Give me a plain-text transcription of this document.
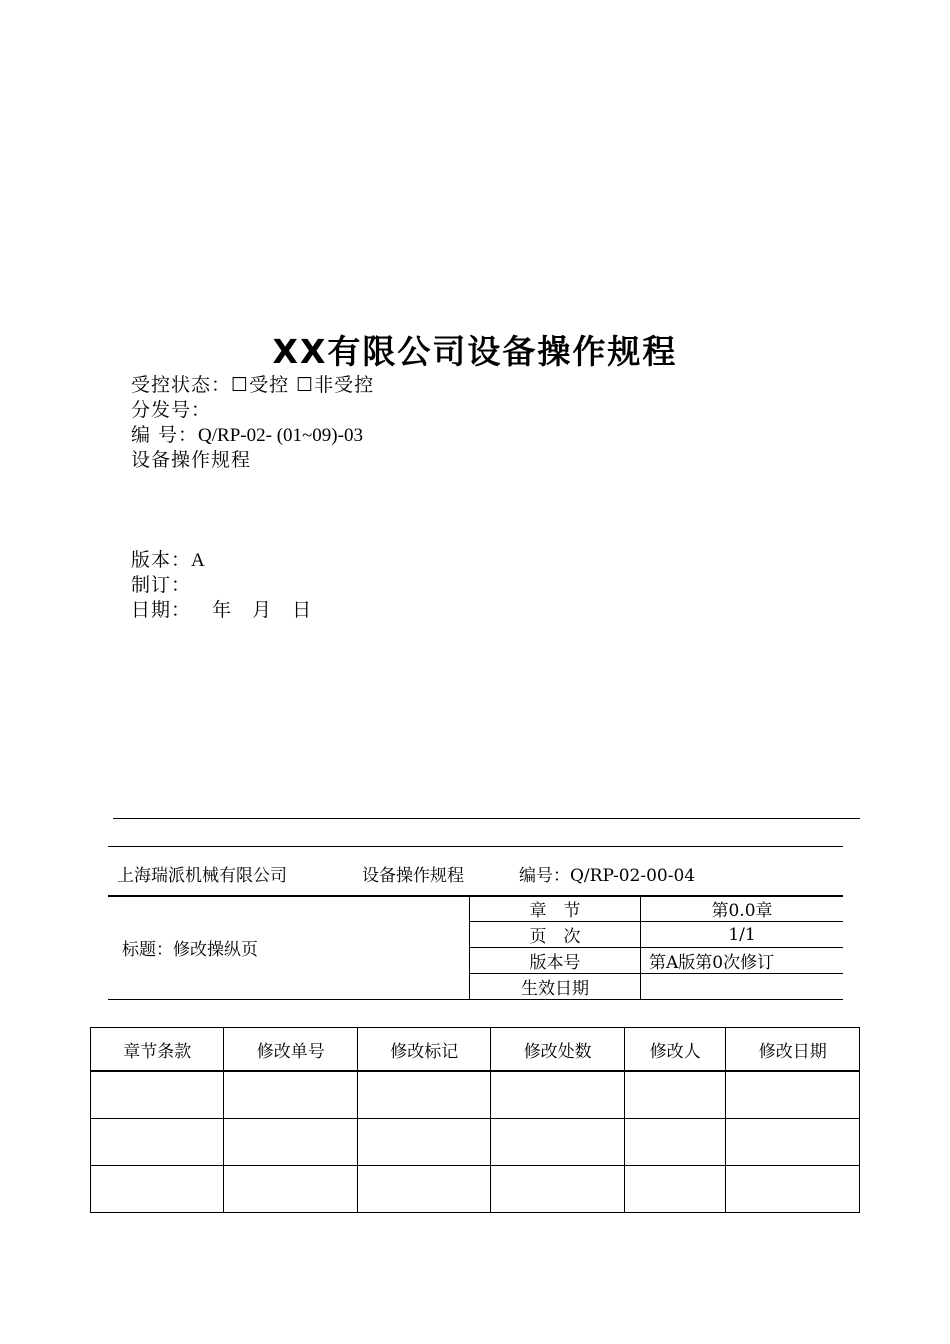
XX有限公司设备操作规程
受控状态：☐受控 ☐非受控
分发号：
编 号：Q/RP-02- (01~09)-03
设备操作规程
版本：A
制订：
日期： 年　月　日
上海瑞派机械有限公司	设备操作规程	编号：Q/RP-02-00-04
标题：修改操纵页	章　节	第0.0章
	页　次	1/1
	版本号	第A版第0次修订
	生效日期	
章节条款	修改单号	修改标记	修改处数	修改人	修改日期
